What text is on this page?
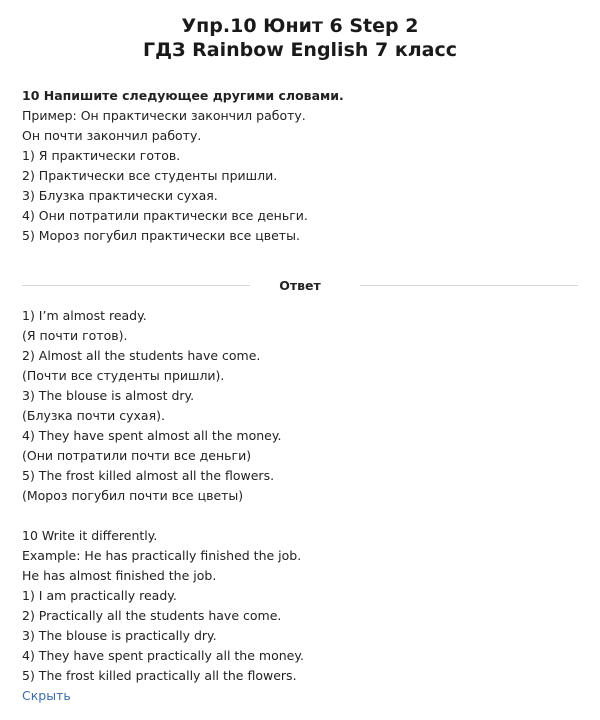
Упр.10 Юнит 6 Step 2
ГДЗ Rainbow English 7 класс
10 Напишите следующее другими словами.
Пример: Он практически закончил работу.
Он почти закончил работу.
1) Я практически готов.
2) Практически все студенты пришли.
3) Блузка практически сухая.
4) Они потратили практически все деньги.
5) Мороз погубил практически все цветы.
Ответ
1) I’m almost ready.
(Я почти готов).
2) Almost all the students have come.
(Почти все студенты пришли).
3) The blouse is almost dry.
(Блузка почти сухая).
4) They have spent almost all the money.
(Они потратили почти все деньги)
5) The frost killed almost all the flowers.
(Мороз погубил почти все цветы)
10 Write it differently.
Example: He has practically finished the job.
He has almost finished the job.
1) I am practically ready.
2) Practically all the students have come.
3) The blouse is practically dry.
4) They have spent practically all the money.
5) The frost killed practically all the flowers.
Скрыть
